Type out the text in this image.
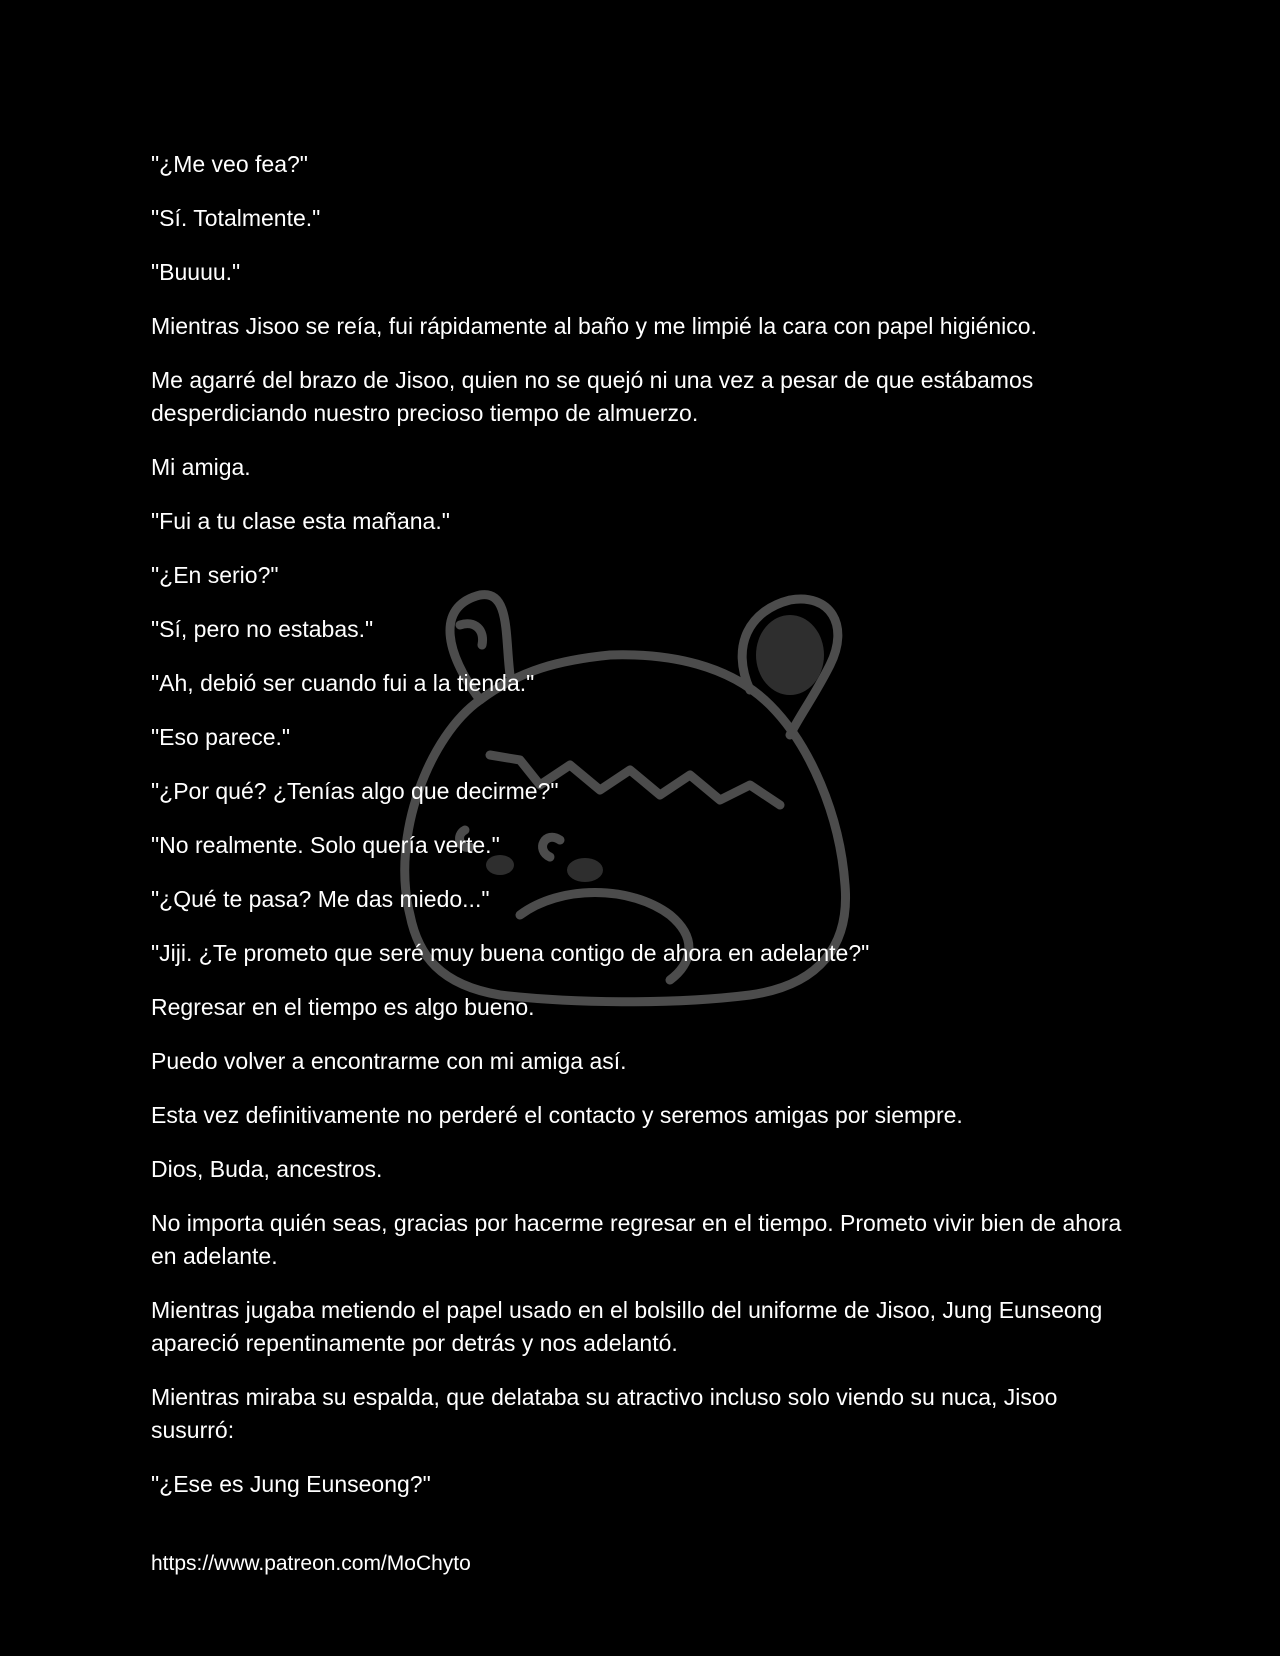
"¿Me veo fea?"

"Sí. Totalmente."

"Buuuu."

Mientras Jisoo se reía, fui rápidamente al baño y me limpié la cara con papel higiénico.

Me agarré del brazo de Jisoo, quien no se quejó ni una vez a pesar de que estábamos desperdiciando nuestro precioso tiempo de almuerzo.

Mi amiga.

"Fui a tu clase esta mañana."

"¿En serio?"

"Sí, pero no estabas."

"Ah, debió ser cuando fui a la tienda."

"Eso parece."

"¿Por qué? ¿Tenías algo que decirme?"

"No realmente. Solo quería verte."

"¿Qué te pasa? Me das miedo..."

"Jiji. ¿Te prometo que seré muy buena contigo de ahora en adelante?"

Regresar en el tiempo es algo bueno.

Puedo volver a encontrarme con mi amiga así.

Esta vez definitivamente no perderé el contacto y seremos amigas por siempre.

Dios, Buda, ancestros.

No importa quién seas, gracias por hacerme regresar en el tiempo. Prometo vivir bien de ahora en adelante.

Mientras jugaba metiendo el papel usado en el bolsillo del uniforme de Jisoo, Jung Eunseong apareció repentinamente por detrás y nos adelantó.

Mientras miraba su espalda, que delataba su atractivo incluso solo viendo su nuca, Jisoo susurró:

"¿Ese es Jung Eunseong?"

https://www.patreon.com/MoChyto
